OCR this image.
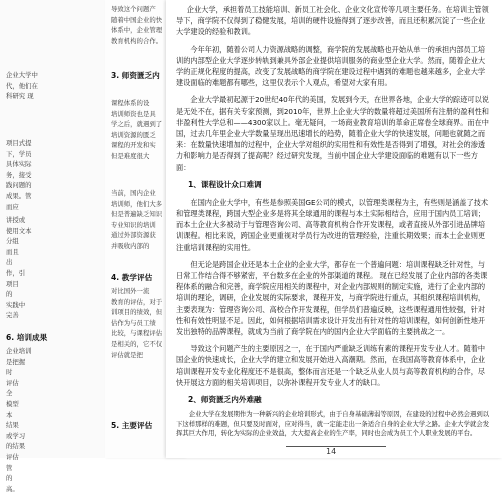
企业大学中
代，他们在
科研究 现

项目式提
下，学员
具体实际
务，接受
践问题的
成果。管
而应

讲授或
使用文本
分组
而且
出
作，引
项目
的
实践中
完善

6. 培训成果

企业培训
是把握
时
评估
全
模型
本
结果
或学习
的结果
评估
管
的
高。

导致这个问题产
随着中国企业的快
体系中，企业管理
教育机构的合作。

3. 师资匮乏内

课程体系的设
培训师资也是具
学之后，就遇到了
培训资源的匮乏
课程的开发和实
但是难度很大

当前，国内企业
培训师，他们大多
但是普遍缺乏知识
专业知识的培训
通过外部资源获
并吸收内部的

4. 教学评估

对比国外一流
教育的评估，对于
训项目的绩效，但
估作为与员工绩
比较，与课程评估
是相关的，它不仅
评估就是把

5. 主要评估

企业大学，承担着员工技能培训、新员工社会化、企业文化宣传等几项主要任务。在培训主管领导下，商学院不仅得到了稳健发展，培训的硬件设施得到了逐步改善，而且还积累沉淀了一些企业大学建设的经验和教训。

今年年初，随着公司人力资源战略的调整，商学院的发展战略也开始从单一的承担内部员工培训的内部型企业大学逐步转轨到兼具外部企业提供培训服务的商业型企业大学。然而，随着企业大学的正规化程度的提高，改变了发展战略的商学院在建设过程中遇到的难题也越来越多，企业大学建设面临的难题都有哪些，这里仅表示个人观点，希望对大家有用。

企业大学最初起源于20世纪40年代的美国，发展到今天，在世界各地，企业大学的踪迹可以说是无处不在，据有关专家预测，到2010年，世界上企业大学的数量将超过美国所有注册的盈利性和非盈利性大学总和——4300家以上。毫无疑问，一场商业教育培训的革命正席卷全球商界。而在中国，过去几年里企业大学数量呈现出迅速增长的趋势，随着企业大学的快速发展，问题也就随之而来：在数量快速增加的过程中，企业大学对组织的实用性和有效性是否得到了增强，对社会的渗透力和影响力是否得到了提高呢？经过研究发现，当前中国企业大学建设面临的难题有以下一些方面：

1、课程设计众口难调

在国内企业大学中，有些是参照美国GE公司的模式，以管理类课程为主，有些则是涵盖了技术和管理类课程，跨国大型企业多是将其全球通用的课程与本土实际相结合，应用于国内员工培训；而本土企业大多被动于与管理咨询公司、高等教育机构合作开发课程，或者直接从外部引进品牌培训课程。相比来说，跨国企业更重视对学员行为改进的管理经验，注重长期效果；而本土企业则更注重培训课程的实用性。

但无论是跨国企业还是本土企业的企业大学，都存在一个普遍问题：培训课程缺乏针对性，与日常工作结合得不够紧密，平台数多在企业的外部渠道的课程。 现在已经发展了企业内部的各类课程体系的融合和完善，商学院应用相关的课程中，对企业内部规则的制定实施，进行了企业内部的培训的理论，调研，企业发展的实际要求，课程开发，与商学院进行重点，其组织课程培训机构，主要表现为：管理咨询公司、高校合作开发课程，但学员们普遍反映，这些课程通用性较强，针对性和有效性明显不足。因此，如何根据培训需求设计开发出有针对性的培训课程，如何创新性地开发出独特的品牌课程，就成为当前了商学院在内的国内企业大学面临的主要挑战之一。

导致这个问题产生的主要原因之一，在于国内严重缺乏训练有素的课程开发专业人才。随着中国企业的快速成长，企业大学的建立和发展开始进入高潮期。然而，在我国高等教育体系中，企业培训课程开发专业化程度还不是很高，整体而言还是一个缺乏从业人员与高等教育机构的合作，尽快开展这方面的相关培训项目，以弥补课程开发专业人才的缺口。

2、师资匮乏内外难融

企业大学在发展期作为一种新兴的企业培训形式，由于自身基础薄弱等原因，在建设的过程中必然会遇到以下这样那样的难题，但只要及时面对，应对得当，就一定能走出一条适合自身的企业大学之路。企业大学就会发挥其巨大作用，转化为实际的企业效益，大大提高企业的生产率，同时也会成为员工个人职业发展的平台。

14
